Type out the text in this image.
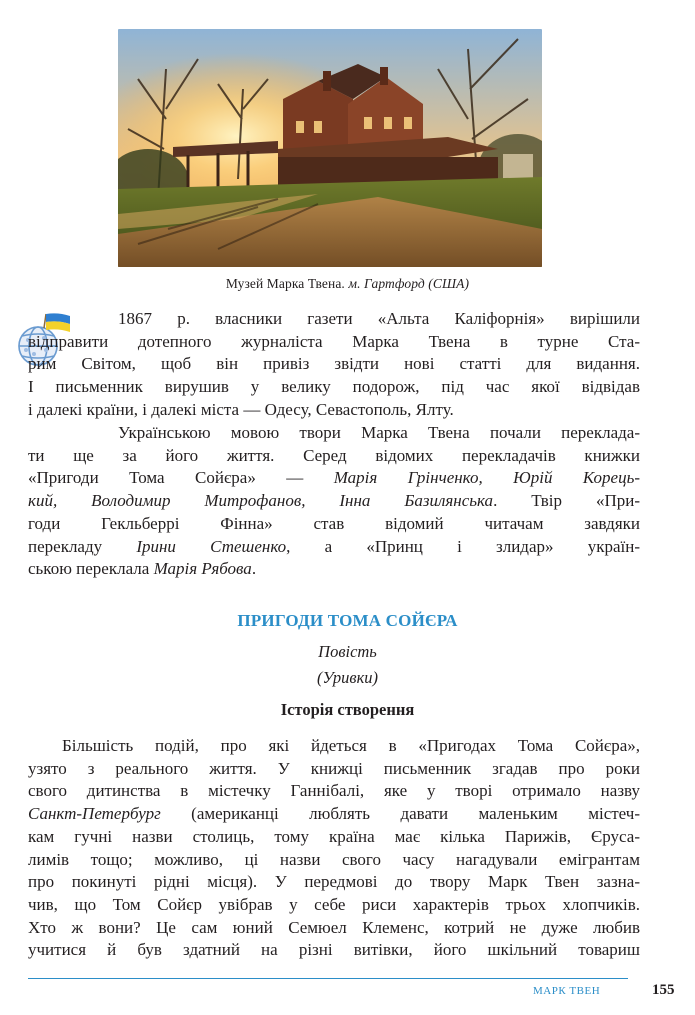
Музей Марка Твена. м. Гартфорд (США)
1867 р. власники газети «Альта Каліфорнія» вирішили
відправити дотепного журналіста Марка Твена в турне Ста-
рим Світом, щоб він привіз звідти нові статті для видання.
І письменник вирушив у велику подорож, під час якої відвідав
і далекі країни, і далекі міста — Одесу, Севастополь, Ялту.
Українською мовою твори Марка Твена почали переклада-
ти ще за його життя. Серед відомих перекладачів книжки
«Пригоди Тома Сойєра» — Марія Грінченко, Юрій Корець-
кий, Володимир Митрофанов, Інна Базилянська. Твір «При-
годи Гекльберрі Фінна» став відомий читачам завдяки
перекладу Ірини Стешенко, а «Принц і злидар» україн-
ською переклала Марія Рябова.
ПРИГОДИ ТОМА СОЙЄРА
Повість
(Уривки)
Історія створення
Більшість подій, про які йдеться в «Пригодах Тома Сойєра»,
узято з реального життя. У книжці письменник згадав про роки
свого дитинства в містечку Ганнібалі, яке у творі отримало назву
Санкт-Петербург (американці люблять давати маленьким містеч-
кам гучні назви столиць, тому країна має кілька Парижів, Єруса-
лимів тощо; можливо, ці назви свого часу нагадували емігрантам
про покинуті рідні місця). У передмові до твору Марк Твен зазна-
чив, що Том Сойєр увібрав у себе риси характерів трьох хлопчиків.
Хто ж вони? Це сам юний Семюел Клеменс, котрий не дуже любив
учитися й був здатний на різні витівки, його шкільний товариш
МАРК ТВЕН	155
